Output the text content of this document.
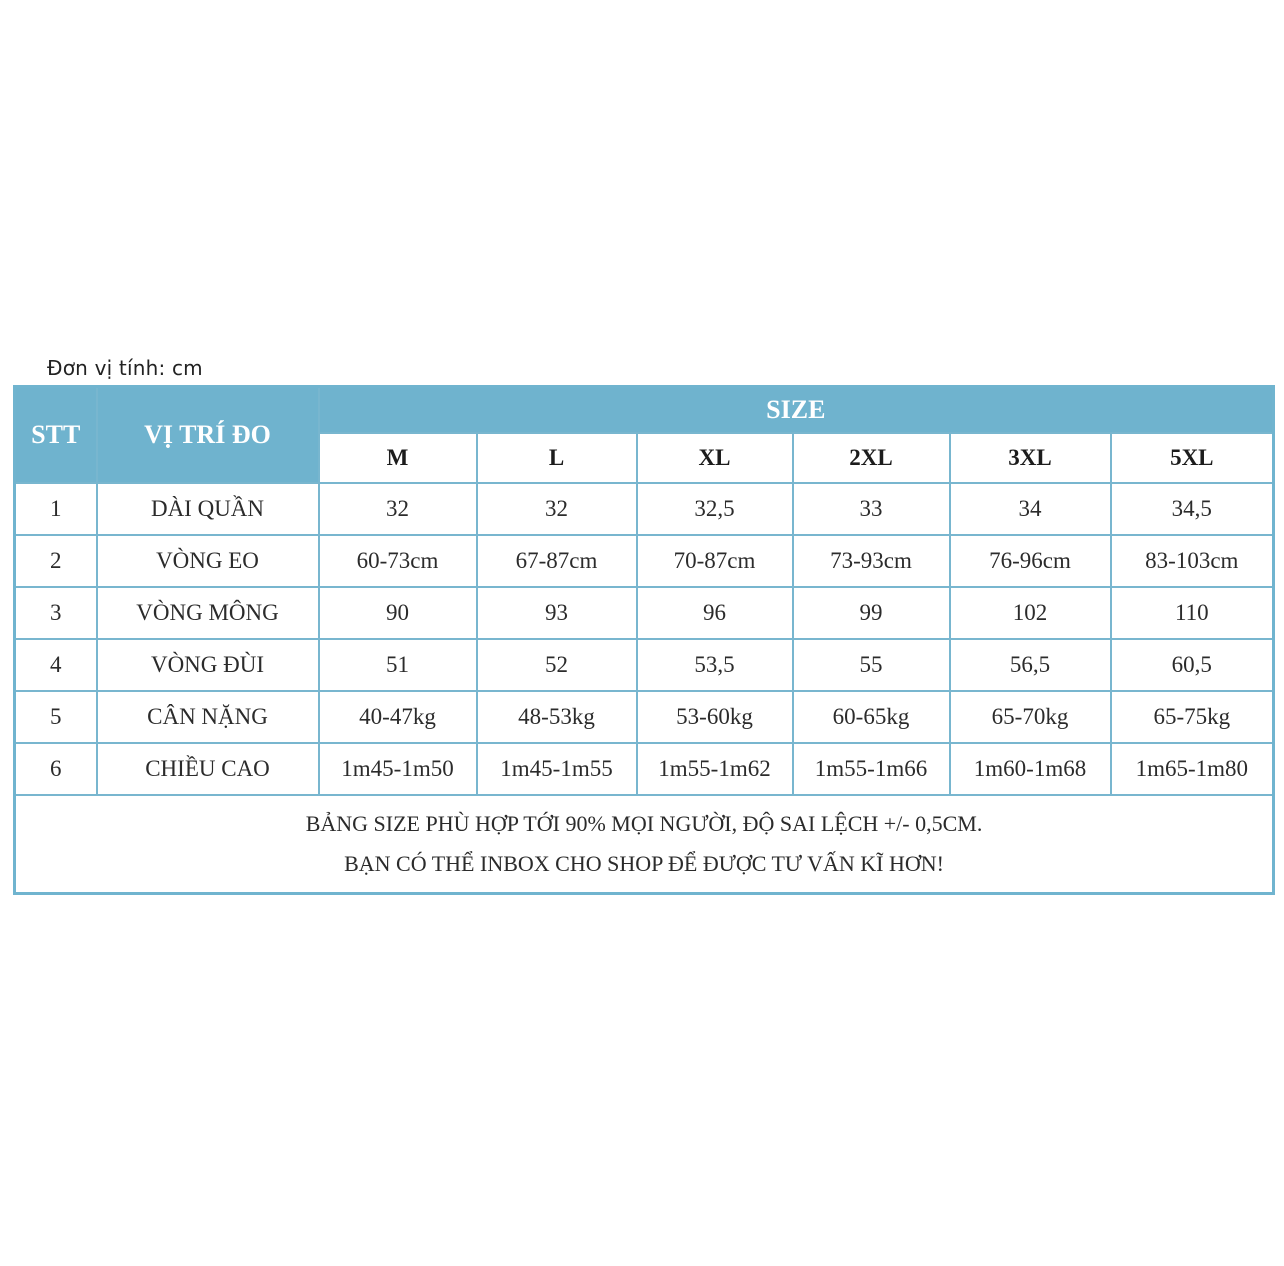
Đơn vị tính: cm
STT	VỊ TRÍ ĐO	SIZE					
		M	L	XL	2XL	3XL	5XL
1	DÀI QUẦN	32	32	32,5	33	34	34,5
2	VÒNG EO	60-73cm	67-87cm	70-87cm	73-93cm	76-96cm	83-103cm
3	VÒNG MÔNG	90	93	96	99	102	110
4	VÒNG ĐÙI	51	52	53,5	55	56,5	60,5
5	CÂN NẶNG	40-47kg	48-53kg	53-60kg	60-65kg	65-70kg	65-75kg
6	CHIỀU CAO	1m45-1m50	1m45-1m55	1m55-1m62	1m55-1m66	1m60-1m68	1m65-1m80

BẢNG SIZE PHÙ HỢP TỚI 90% MỌI NGƯỜI, ĐỘ SAI LỆCH +/- 0,5CM.
BẠN CÓ THỂ INBOX CHO SHOP ĐỂ ĐƯỢC TƯ VẤN KĨ HƠN!							
